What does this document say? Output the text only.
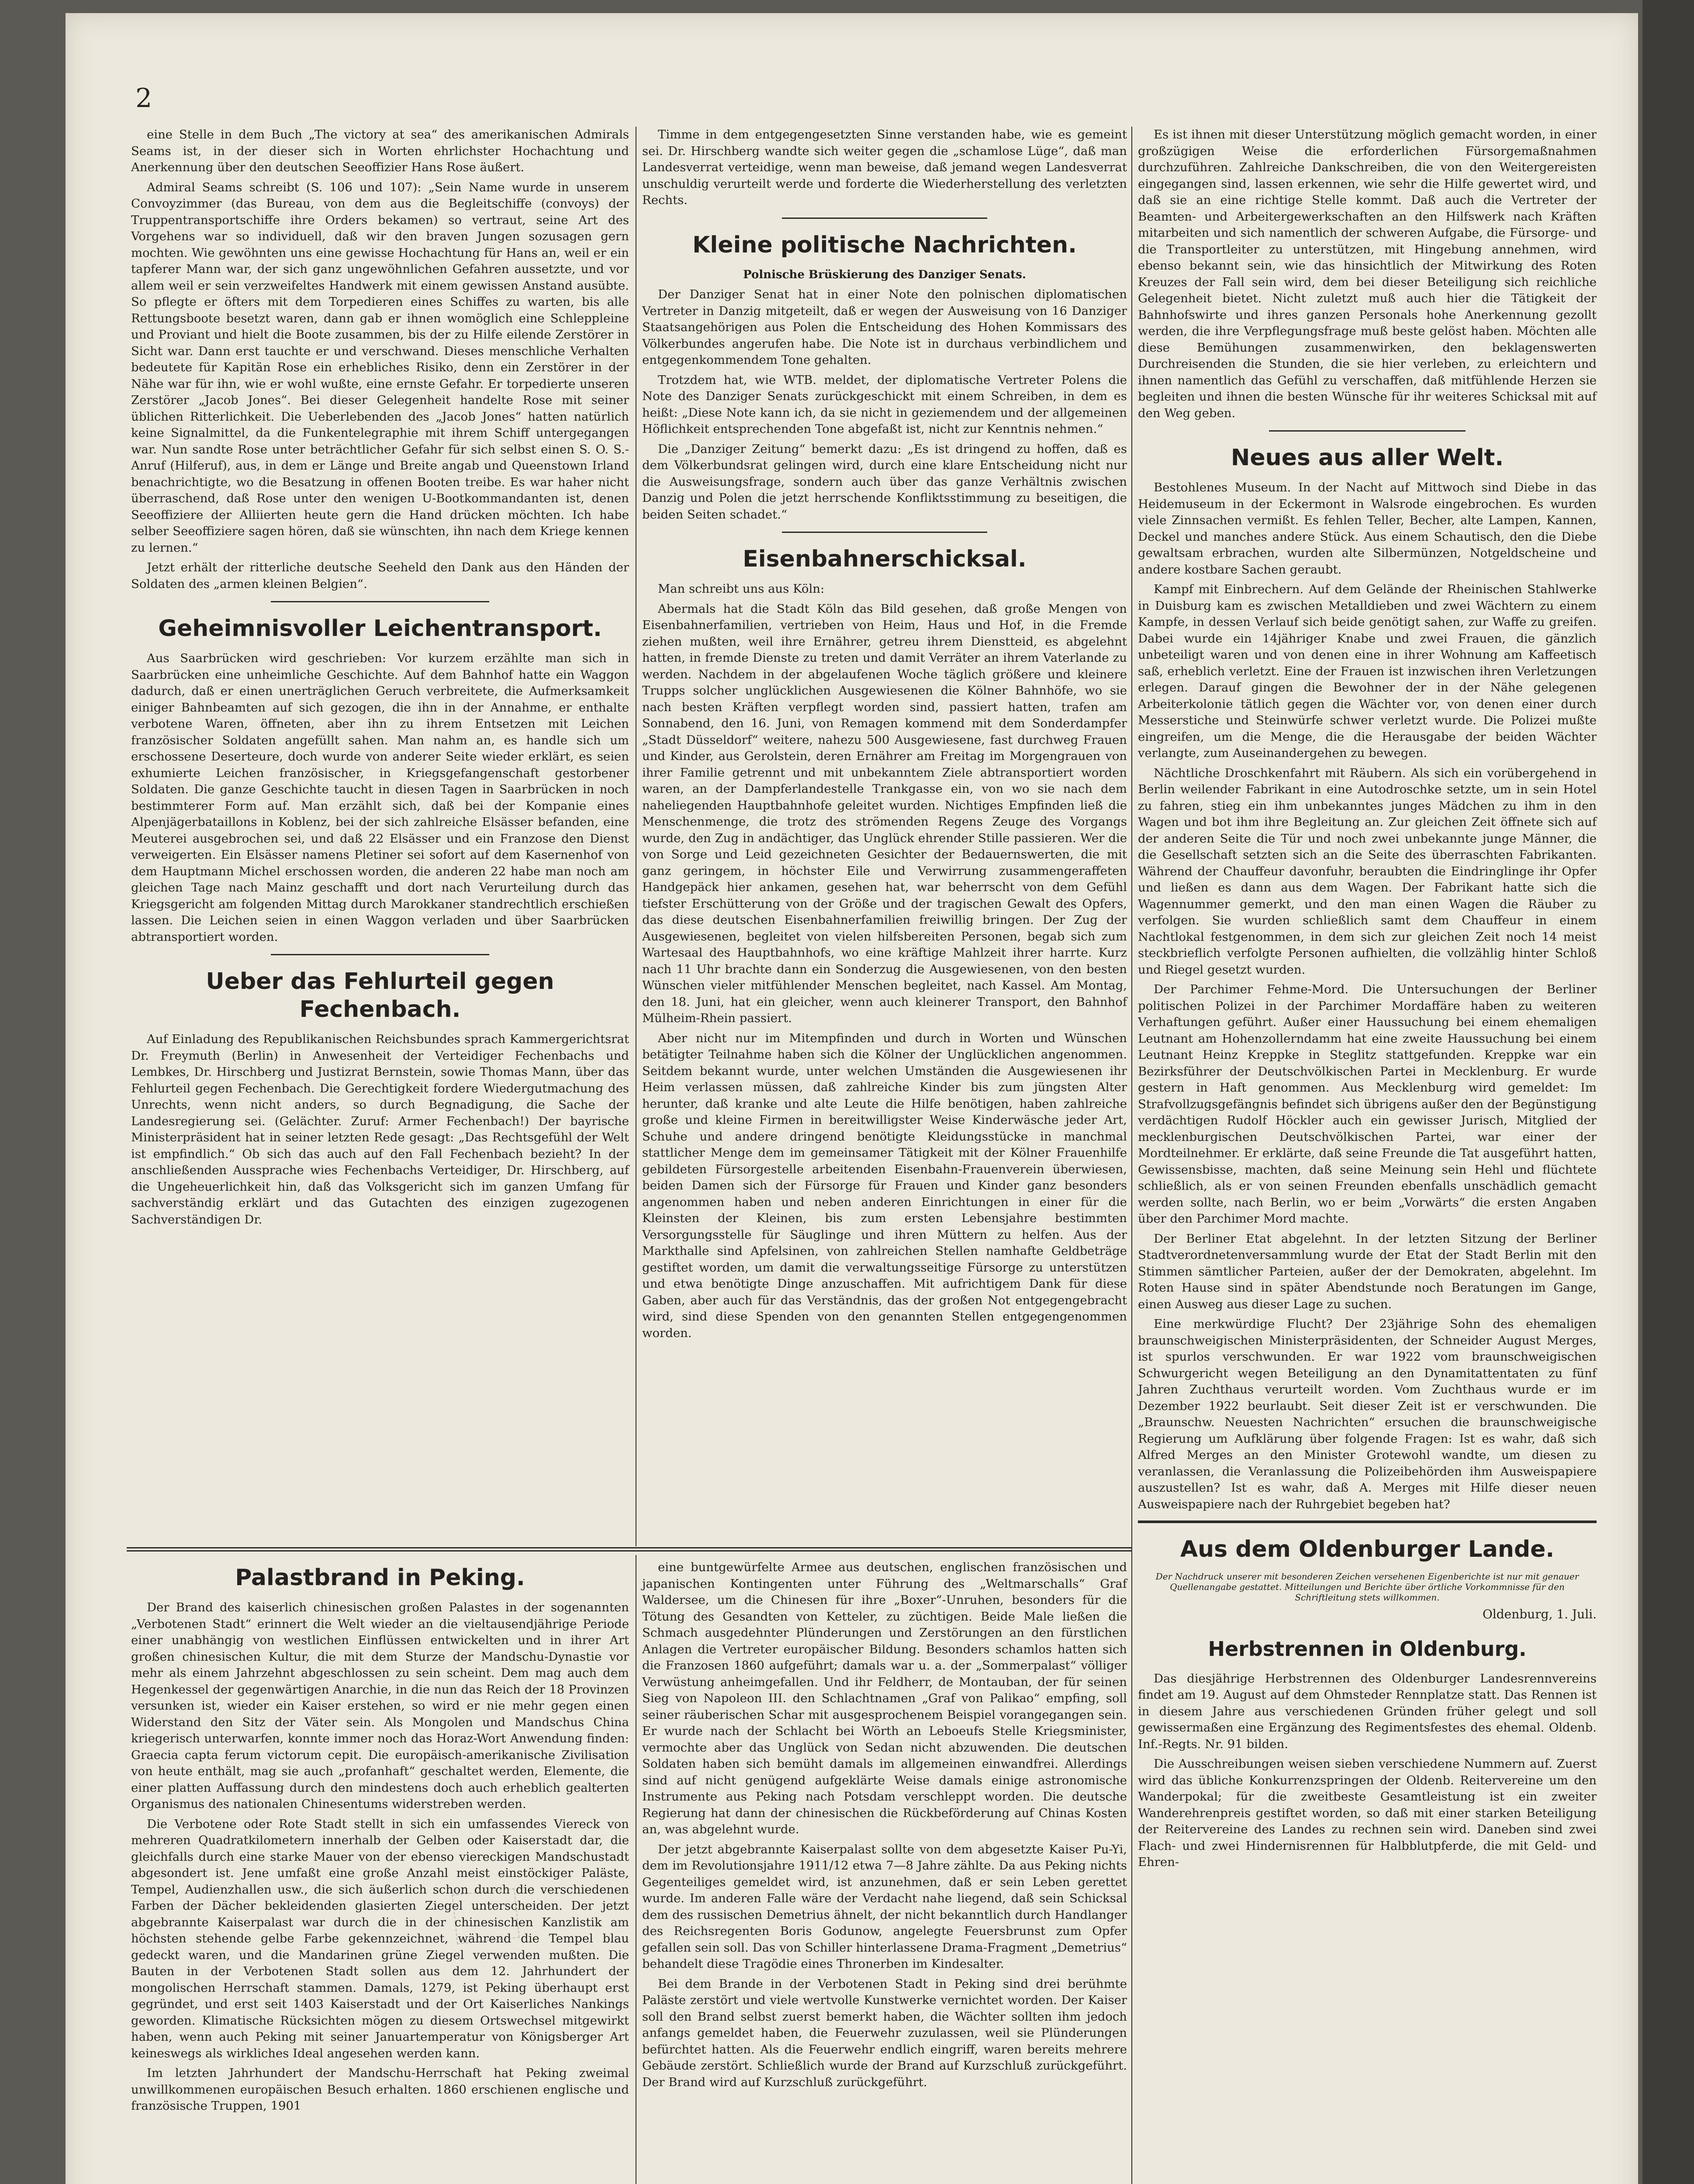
2

eine Stelle in dem Buch „The victory at sea“ des amerikanischen Admirals Seams ist, in der dieser sich in Worten ehrlichster Hochachtung und Anerkennung über den deutschen Seeoffizier Hans Rose äußert.

Admiral Seams schreibt (S. 106 und 107): „Sein Name wurde in unserem Convoyzimmer (das Bureau, von dem aus die Begleitschiffe (convoys) der Truppentransportschiffe ihre Orders bekamen) so vertraut, seine Art des Vorgehens war so individuell, daß wir den braven Jungen sozusagen gern mochten. Wie gewöhnten uns eine gewisse Hochachtung für Hans an, weil er ein tapferer Mann war, der sich ganz ungewöhnlichen Gefahren aussetzte, und vor allem weil er sein verzweifeltes Handwerk mit einem gewissen Anstand ausübte. So pflegte er öfters mit dem Torpedieren eines Schiffes zu warten, bis alle Rettungsboote besetzt waren, dann gab er ihnen womöglich eine Schleppleine und Proviant und hielt die Boote zusammen, bis der zu Hilfe eilende Zerstörer in Sicht war. Dann erst tauchte er und verschwand. Dieses menschliche Verhalten bedeutete für Kapitän Rose ein erhebliches Risiko, denn ein Zerstörer in der Nähe war für ihn, wie er wohl wußte, eine ernste Gefahr. Er torpedierte unseren Zerstörer „Jacob Jones“. Bei dieser Gelegenheit handelte Rose mit seiner üblichen Ritterlichkeit. Die Ueberlebenden des „Jacob Jones“ hatten natürlich keine Signalmittel, da die Funkentelegraphie mit ihrem Schiff untergegangen war. Nun sandte Rose unter beträchtlicher Gefahr für sich selbst einen S. O. S.-Anruf (Hilferuf), aus, in dem er Länge und Breite angab und Queenstown Irland benachrichtigte, wo die Besatzung in offenen Booten treibe. Es war haher nicht überraschend, daß Rose unter den wenigen U-Bootkommandanten ist, denen Seeoffiziere der Alliierten heute gern die Hand drücken möchten. Ich habe selber Seeoffiziere sagen hören, daß sie wünschten, ihn nach dem Kriege kennen zu lernen.“

Jetzt erhält der ritterliche deutsche Seeheld den Dank aus den Händen der Soldaten des „armen kleinen Belgien“.

Geheimnisvoller Leichentransport.

Aus Saarbrücken wird geschrieben: Vor kurzem erzählte man sich in Saarbrücken eine unheimliche Geschichte. Auf dem Bahnhof hatte ein Waggon dadurch, daß er einen unerträglichen Geruch verbreitete, die Aufmerksamkeit einiger Bahnbeamten auf sich gezogen, die ihn in der Annahme, er enthalte verbotene Waren, öffneten, aber ihn zu ihrem Entsetzen mit Leichen französischer Soldaten angefüllt sahen. Man nahm an, es handle sich um erschossene Deserteure, doch wurde von anderer Seite wieder erklärt, es seien exhumierte Leichen französischer, in Kriegsgefangenschaft gestorbener Soldaten. Die ganze Geschichte taucht in diesen Tagen in Saarbrücken in noch bestimmterer Form auf. Man erzählt sich, daß bei der Kompanie eines Alpenjägerbataillons in Koblenz, bei der sich zahlreiche Elsässer befanden, eine Meuterei ausgebrochen sei, und daß 22 Elsässer und ein Franzose den Dienst verweigerten. Ein Elsässer namens Pletiner sei sofort auf dem Kasernenhof von dem Hauptmann Michel erschossen worden, die anderen 22 habe man noch am gleichen Tage nach Mainz geschafft und dort nach Verurteilung durch das Kriegsgericht am folgenden Mittag durch Marokkaner standrechtlich erschießen lassen. Die Leichen seien in einen Waggon verladen und über Saarbrücken abtransportiert worden.

Ueber das Fehlurteil gegen Fechenbach.

Auf Einladung des Republikanischen Reichsbundes sprach Kammergerichtsrat Dr. Freymuth (Berlin) in Anwesenheit der Verteidiger Fechenbachs und Lembkes, Dr. Hirschberg und Justizrat Bernstein, sowie Thomas Mann, über das Fehlurteil gegen Fechenbach. Die Gerechtigkeit fordere Wiedergutmachung des Unrechts, wenn nicht anders, so durch Begnadigung, die Sache der Landesregierung sei. (Gelächter. Zuruf: Armer Fechenbach!) Der bayrische Ministerpräsident hat in seiner letzten Rede gesagt: „Das Rechtsgefühl der Welt ist empfindlich.“ Ob sich das auch auf den Fall Fechenbach bezieht? In der anschließenden Aussprache wies Fechenbachs Verteidiger, Dr. Hirschberg, auf die Ungeheuerlichkeit hin, daß das Volksgericht sich im ganzen Umfang für sachverständig erklärt und das Gutachten des einzigen zugezogenen Sachverständigen Dr.

Timme in dem entgegengesetzten Sinne verstanden habe, wie es gemeint sei. Dr. Hirschberg wandte sich weiter gegen die „schamlose Lüge“, daß man Landesverrat verteidige, wenn man beweise, daß jemand wegen Landesverrat unschuldig verurteilt werde und forderte die Wiederherstellung des verletzten Rechts.

Kleine politische Nachrichten.
Polnische Brüskierung des Danziger Senats.

Der Danziger Senat hat in einer Note den polnischen diplomatischen Vertreter in Danzig mitgeteilt, daß er wegen der Ausweisung von 16 Danziger Staatsangehörigen aus Polen die Entscheidung des Hohen Kommissars des Völkerbundes angerufen habe. Die Note ist in durchaus verbindlichem und entgegenkommendem Tone gehalten.

Trotzdem hat, wie WTB. meldet, der diplomatische Vertreter Polens die Note des Danziger Senats zurückgeschickt mit einem Schreiben, in dem es heißt: „Diese Note kann ich, da sie nicht in geziemendem und der allgemeinen Höflichkeit entsprechenden Tone abgefaßt ist, nicht zur Kenntnis nehmen.“

Die „Danziger Zeitung“ bemerkt dazu: „Es ist dringend zu hoffen, daß es dem Völkerbundsrat gelingen wird, durch eine klare Entscheidung nicht nur die Ausweisungsfrage, sondern auch über das ganze Verhältnis zwischen Danzig und Polen die jetzt herrschende Konfliktsstimmung zu beseitigen, die beiden Seiten schadet.“

Eisenbahnerschicksal.

Man schreibt uns aus Köln:

Abermals hat die Stadt Köln das Bild gesehen, daß große Mengen von Eisenbahnerfamilien, vertrieben von Heim, Haus und Hof, in die Fremde ziehen mußten, weil ihre Ernährer, getreu ihrem Dienstteid, es abgelehnt hatten, in fremde Dienste zu treten und damit Verräter an ihrem Vaterlande zu werden. Nachdem in der abgelaufenen Woche täglich größere und kleinere Trupps solcher unglücklichen Ausgewiesenen die Kölner Bahnhöfe, wo sie nach besten Kräften verpflegt worden sind, passiert hatten, trafen am Sonnabend, den 16. Juni, von Remagen kommend mit dem Sonderdampfer „Stadt Düsseldorf“ weitere, nahezu 500 Ausgewiesene, fast durchweg Frauen und Kinder, aus Gerolstein, deren Ernährer am Freitag im Morgengrauen von ihrer Familie getrennt und mit unbekanntem Ziele abtransportiert worden waren, an der Dampferlandestelle Trankgasse ein, von wo sie nach dem naheliegenden Hauptbahnhofe geleitet wurden. Nichtiges Empfinden ließ die Menschenmenge, die trotz des strömenden Regens Zeuge des Vorgangs wurde, den Zug in andächtiger, das Unglück ehrender Stille passieren. Wer die von Sorge und Leid gezeichneten Gesichter der Bedauernswerten, die mit ganz geringem, in höchster Eile und Verwirrung zusammengeraffeten Handgepäck hier ankamen, gesehen hat, war beherrscht von dem Gefühl tiefster Erschütterung von der Größe und der tragischen Gewalt des Opfers, das diese deutschen Eisenbahnerfamilien freiwillig bringen. Der Zug der Ausgewiesenen, begleitet von vielen hilfsbereiten Personen, begab sich zum Wartesaal des Hauptbahnhofs, wo eine kräftige Mahlzeit ihrer harrte. Kurz nach 11 Uhr brachte dann ein Sonderzug die Ausgewiesenen, von den besten Wünschen vieler mitfühlender Menschen begleitet, nach Kassel. Am Montag, den 18. Juni, hat ein gleicher, wenn auch kleinerer Transport, den Bahnhof Mülheim-Rhein passiert.

Aber nicht nur im Mitempfinden und durch in Worten und Wünschen betätigter Teilnahme haben sich die Kölner der Unglücklichen angenommen. Seitdem bekannt wurde, unter welchen Umständen die Ausgewiesenen ihr Heim verlassen müssen, daß zahlreiche Kinder bis zum jüngsten Alter herunter, daß kranke und alte Leute die Hilfe benötigen, haben zahlreiche große und kleine Firmen in bereitwilligster Weise Kinderwäsche jeder Art, Schuhe und andere dringend benötigte Kleidungsstücke in manchmal stattlicher Menge dem im gemeinsamer Tätigkeit mit der Kölner Frauenhilfe gebildeten Fürsorgestelle arbeitenden Eisenbahn-Frauenverein überwiesen, beiden Damen sich der Fürsorge für Frauen und Kinder ganz besonders angenommen haben und neben anderen Einrichtungen in einer für die Kleinsten der Kleinen, bis zum ersten Lebensjahre bestimmten Versorgungsstelle für Säuglinge und ihren Müttern zu helfen. Aus der Markthalle sind Apfelsinen, von zahlreichen Stellen namhafte Geldbeträge gestiftet worden, um damit die verwaltungsseitige Fürsorge zu unterstützen und etwa benötigte Dinge anzuschaffen. Mit aufrichtigem Dank für diese Gaben, aber auch für das Verständnis, das der großen Not entgegengebracht wird, sind diese Spenden von den genannten Stellen entgegengenommen worden.

Es ist ihnen mit dieser Unterstützung möglich gemacht worden, in einer großzügigen Weise die erforderlichen Fürsorgemaßnahmen durchzuführen. Zahlreiche Dankschreiben, die von den Weitergereisten eingegangen sind, lassen erkennen, wie sehr die Hilfe gewertet wird, und daß sie an eine richtige Stelle kommt. Daß auch die Vertreter der Beamten- und Arbeitergewerkschaften an den Hilfswerk nach Kräften mitarbeiten und sich namentlich der schweren Aufgabe, die Fürsorge- und die Transportleiter zu unterstützen, mit Hingebung annehmen, wird ebenso bekannt sein, wie das hinsichtlich der Mitwirkung des Roten Kreuzes der Fall sein wird, dem bei dieser Beteiligung sich reichliche Gelegenheit bietet. Nicht zuletzt muß auch hier die Tätigkeit der Bahnhofswirte und ihres ganzen Personals hohe Anerkennung gezollt werden, die ihre Verpflegungsfrage muß beste gelöst haben. Möchten alle diese Bemühungen zusammenwirken, den beklagenswerten Durchreisenden die Stunden, die sie hier verleben, zu erleichtern und ihnen namentlich das Gefühl zu verschaffen, daß mitfühlende Herzen sie begleiten und ihnen die besten Wünsche für ihr weiteres Schicksal mit auf den Weg geben.

Neues aus aller Welt.

Bestohlenes Museum. In der Nacht auf Mittwoch sind Diebe in das Heidemuseum in der Eckermont in Walsrode eingebrochen. Es wurden viele Zinnsachen vermißt. Es fehlen Teller, Becher, alte Lampen, Kannen, Deckel und manches andere Stück. Aus einem Schautisch, den die Diebe gewaltsam erbrachen, wurden alte Silbermünzen, Notgeldscheine und andere kostbare Sachen geraubt.

Kampf mit Einbrechern. Auf dem Gelände der Rheinischen Stahlwerke in Duisburg kam es zwischen Metalldieben und zwei Wächtern zu einem Kampfe, in dessen Verlauf sich beide genötigt sahen, zur Waffe zu greifen. Dabei wurde ein 14jähriger Knabe und zwei Frauen, die gänzlich unbeteiligt waren und von denen eine in ihrer Wohnung am Kaffeetisch saß, erheblich verletzt. Eine der Frauen ist inzwischen ihren Verletzungen erlegen. Darauf gingen die Bewohner der in der Nähe gelegenen Arbeiterkolonie tätlich gegen die Wächter vor, von denen einer durch Messerstiche und Steinwürfe schwer verletzt wurde. Die Polizei mußte eingreifen, um die Menge, die die Herausgabe der beiden Wächter verlangte, zum Auseinandergehen zu bewegen.

Nächtliche Droschkenfahrt mit Räubern. Als sich ein vorübergehend in Berlin weilender Fabrikant in eine Autodroschke setzte, um in sein Hotel zu fahren, stieg ein ihm unbekanntes junges Mädchen zu ihm in den Wagen und bot ihm ihre Begleitung an. Zur gleichen Zeit öffnete sich auf der anderen Seite die Tür und noch zwei unbekannte junge Männer, die die Gesellschaft setzten sich an die Seite des überraschten Fabrikanten. Während der Chauffeur davonfuhr, beraubten die Eindringlinge ihr Opfer und ließen es dann aus dem Wagen. Der Fabrikant hatte sich die Wagennummer gemerkt, und den man einen Wagen die Räuber zu verfolgen. Sie wurden schließlich samt dem Chauffeur in einem Nachtlokal festgenommen, in dem sich zur gleichen Zeit noch 14 meist steckbrieflich verfolgte Personen aufhielten, die vollzählig hinter Schloß und Riegel gesetzt wurden.

Der Parchimer Fehme-Mord. Die Untersuchungen der Berliner politischen Polizei in der Parchimer Mordaffäre haben zu weiteren Verhaftungen geführt. Außer einer Haussuchung bei einem ehemaligen Leutnant am Hohenzollerndamm hat eine zweite Haussuchung bei einem Leutnant Heinz Kreppke in Steglitz stattgefunden. Kreppke war ein Bezirksführer der Deutschvölkischen Partei in Mecklenburg. Er wurde gestern in Haft genommen. Aus Mecklenburg wird gemeldet: Im Strafvollzugsgefängnis befindet sich übrigens außer den der Begünstigung verdächtigen Rudolf Höckler auch ein gewisser Jurisch, Mitglied der mecklenburgischen Deutschvölkischen Partei, war einer der Mordteilnehmer. Er erklärte, daß seine Freunde die Tat ausgeführt hatten, Gewissensbisse, machten, daß seine Meinung sein Hehl und flüchtete schließlich, als er von seinen Freunden ebenfalls unschädlich gemacht werden sollte, nach Berlin, wo er beim „Vorwärts“ die ersten Angaben über den Parchimer Mord machte.

Der Berliner Etat abgelehnt. In der letzten Sitzung der Berliner Stadtverordnetenversammlung wurde der Etat der Stadt Berlin mit den Stimmen sämtlicher Parteien, außer der der Demokraten, abgelehnt. Im Roten Hause sind in später Abendstunde noch Beratungen im Gange, einen Ausweg aus dieser Lage zu suchen.

Eine merkwürdige Flucht? Der 23jährige Sohn des ehemaligen braunschweigischen Ministerpräsidenten, der Schneider August Merges, ist spurlos verschwunden. Er war 1922 vom braunschweigischen Schwurgericht wegen Beteiligung an den Dynamitattentaten zu fünf Jahren Zuchthaus verurteilt worden. Vom Zuchthaus wurde er im Dezember 1922 beurlaubt. Seit dieser Zeit ist er verschwunden. Die „Braunschw. Neuesten Nachrichten“ ersuchen die braunschweigische Regierung um Aufklärung über folgende Fragen: Ist es wahr, daß sich Alfred Merges an den Minister Grotewohl wandte, um diesen zu veranlassen, die Veranlassung die Polizeibehörden ihm Ausweispapiere auszustellen? Ist es wahr, daß A. Merges mit Hilfe dieser neuen Ausweispapiere nach der Ruhrgebiet begeben hat?

Aus dem Oldenburger Lande.
Der Nachdruck unserer mit besonderen Zeichen versehenen Eigenberichte ist nur mit genauer Quellenangabe gestattet. Mitteilungen und Berichte über örtliche Vorkommnisse für den Schriftleitung stets willkommen.
Oldenburg, 1. Juli.
Herbstrennen in Oldenburg.

Das diesjährige Herbstrennen des Oldenburger Landesrennvereins findet am 19. August auf dem Ohmsteder Rennplatze statt. Das Rennen ist in diesem Jahre aus verschiedenen Gründen früher gelegt und soll gewissermaßen eine Ergänzung des Regimentsfestes des ehemal. Oldenb. Inf.-Regts. Nr. 91 bilden.

Die Ausschreibungen weisen sieben verschiedene Nummern auf. Zuerst wird das übliche Konkurrenzspringen der Oldenb. Reitervereine um den Wanderpokal; für die zweitbeste Gesamtleistung ist ein zweiter Wanderehrenpreis gestiftet worden, so daß mit einer starken Beteiligung der Reitervereine des Landes zu rechnen sein wird. Daneben sind zwei Flach- und zwei Hindernisrennen für Halbblutpferde, die mit Geld- und Ehren-

Palastbrand in Peking.

Der Brand des kaiserlich chinesischen großen Palastes in der sogenannten „Verbotenen Stadt“ erinnert die Welt wieder an die vieltausendjährige Periode einer unabhängig von westlichen Einflüssen entwickelten und in ihrer Art großen chinesischen Kultur, die mit dem Sturze der Mandschu-Dynastie vor mehr als einem Jahrzehnt abgeschlossen zu sein scheint. Dem mag auch dem Hegenkessel der gegenwärtigen Anarchie, in die nun das Reich der 18 Provinzen versunken ist, wieder ein Kaiser erstehen, so wird er nie mehr gegen einen Widerstand den Sitz der Väter sein. Als Mongolen und Mandschus China kriegerisch unterwarfen, konnte immer noch das Horaz-Wort Anwendung finden: Graecia capta ferum victorum cepit. Die europäisch-amerikanische Zivilisation von heute enthält, mag sie auch „profanhaft“ geschaltet werden, Elemente, die einer platten Auffassung durch den mindestens doch auch erheblich gealterten Organismus des nationalen Chinesentums widerstreben werden.

Die Verbotene oder Rote Stadt stellt in sich ein umfassendes Viereck von mehreren Quadratkilometern innerhalb der Gelben oder Kaiserstadt dar, die gleichfalls durch eine starke Mauer von der ebenso viereckigen Mandschustadt abgesondert ist. Jene umfaßt eine große Anzahl meist einstöckiger Paläste, Tempel, Audienzhallen usw., die sich äußerlich schon durch die verschiedenen Farben der Dächer bekleidenden glasierten Ziegel unterscheiden. Der jetzt abgebrannte Kaiserpalast war durch die in der chinesischen Kanzlistik am höchsten stehende gelbe Farbe gekennzeichnet, während die Tempel blau gedeckt waren, und die Mandarinen grüne Ziegel verwenden mußten. Die Bauten in der Verbotenen Stadt sollen aus dem 12. Jahrhundert der mongolischen Herrschaft stammen. Damals, 1279, ist Peking überhaupt erst gegründet, und erst seit 1403 Kaiserstadt und der Ort Kaiserliches Nankings geworden. Klimatische Rücksichten mögen zu diesem Ortswechsel mitgewirkt haben, wenn auch Peking mit seiner Januartemperatur von Königsberger Art keineswegs als wirkliches Ideal angesehen werden kann.

Im letzten Jahrhundert der Mandschu-Herrschaft hat Peking zweimal unwillkommenen europäischen Besuch erhalten. 1860 erschienen englische und französische Truppen, 1901

eine buntgewürfelte Armee aus deutschen, englischen französischen und japanischen Kontingenten unter Führung des „Weltmarschalls“ Graf Waldersee, um die Chinesen für ihre „Boxer“-Unruhen, besonders für die Tötung des Gesandten von Ketteler, zu züchtigen. Beide Male ließen die Schmach ausgedehnter Plünderungen und Zerstörungen an den fürstlichen Anlagen die Vertreter europäischer Bildung. Besonders schamlos hatten sich die Franzosen 1860 aufgeführt; damals war u. a. der „Sommerpalast“ völliger Verwüstung anheimgefallen. Und ihr Feldherr, de Montauban, der für seinen Sieg von Napoleon III. den Schlachtnamen „Graf von Palikao“ empfing, soll seiner räuberischen Schar mit ausgesprochenem Beispiel vorangegangen sein. Er wurde nach der Schlacht bei Wörth an Leboeufs Stelle Kriegsminister, vermochte aber das Unglück von Sedan nicht abzuwenden. Die deutschen Soldaten haben sich bemüht damals im allgemeinen einwandfrei. Allerdings sind auf nicht genügend aufgeklärte Weise damals einige astronomische Instrumente aus Peking nach Potsdam verschleppt worden. Die deutsche Regierung hat dann der chinesischen die Rückbeförderung auf Chinas Kosten an, was abgelehnt wurde.

Der jetzt abgebrannte Kaiserpalast sollte von dem abgesetzte Kaiser Pu-Yi, dem im Revolutionsjahre 1911/12 etwa 7—8 Jahre zählte. Da aus Peking nichts Gegenteiliges gemeldet wird, ist anzunehmen, daß er sein Leben gerettet wurde. Im anderen Falle wäre der Verdacht nahe liegend, daß sein Schicksal dem des russischen Demetrius ähnelt, der nicht bekanntlich durch Handlanger des Reichsregenten Boris Godunow, angelegte Feuersbrunst zum Opfer gefallen sein soll. Das von Schiller hinterlassene Drama-Fragment „Demetrius“ behandelt diese Tragödie eines Thronerben im Kindesalter.

Bei dem Brande in der Verbotenen Stadt in Peking sind drei berühmte Paläste zerstört und viele wertvolle Kunstwerke vernichtet worden. Der Kaiser soll den Brand selbst zuerst bemerkt haben, die Wächter sollten ihm jedoch anfangs gemeldet haben, die Feuerwehr zuzulassen, weil sie Plünderungen befürchtet hatten. Als die Feuerwehr endlich eingriff, waren bereits mehrere Gebäude zerstört. Schließlich wurde der Brand auf Kurzschluß zurückgeführt. Der Brand wird auf Kurzschluß zurückgeführt.
